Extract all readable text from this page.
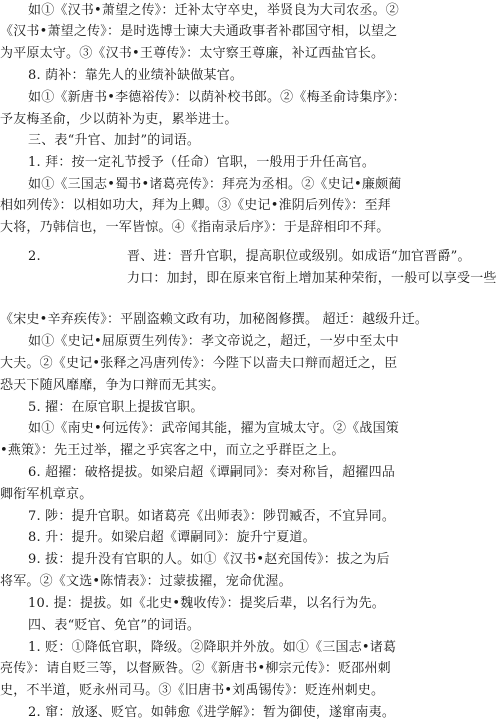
如①《汉书•萧望之传》：迁补太守卒史，举贤良为大司农丞。②
《汉书•萧望之传》：是时选博士谏大夫通政事者补郡国守相，以望之
为平原太守。③《汉书•王尊传》：太守察王尊廉，补辽西盐官长。
8. 荫补：靠先人的业绩补缺做某官。
如①《新唐书•李德裕传》：以荫补校书郎。②《梅圣俞诗集序》：
予友梅圣俞，少以荫补为吏，累举进士。
三、表“升官、加封”的词语。
1. 拜：按一定礼节授予（任命）官职，一般用于升任高官。
如①《三国志•蜀书•诸葛亮传》：拜亮为丞相。②《史记•廉颇蔺
相如列传》：以相如功大，拜为上卿。③《史记•淮阴后列传》：至拜
大将，乃韩信也，一军皆惊。④《指南录后序》：于是辞相印不拜。
2.	晋、进：晋升官职，提高职位或级别。如成语“加官晋爵”。
力口：加封，即在原来官衔上增加某种荣衔，一般可以享受一些
《宋史•辛弃疾传》：平剧盗赖文政有功，加秘阁修撰。 超迁：越级升迁。
如①《史记•屈原贾生列传》：孝文帝说之，超迁，一岁中至太中
大夫。②《史记•张释之冯唐列传》：今陛下以啬夫口辩而超迁之，臣
恐天下随风靡靡，争为口辩而无其实。
5. 擢：在原官职上提拔官职。
如①《南史•何远传》：武帝闻其能，擢为宣城太守。②《战国策
•燕策》：先王过举，擢之乎宾客之中，而立之乎群臣之上。
6. 超擢：破格提拔。如梁启超《谭嗣同》：奏对称旨，超擢四品
卿衔军机章京。
7. 陟：提升官职。如诸葛亮《出师表》：陟罚臧否，不宜异同。
8. 升：提升。如梁启超《谭嗣同》：旋升宁夏道。
9. 拔：提升没有官职的人。如①《汉书•赵充国传》：拔之为后
将军。②《文选•陈情表》：过蒙拔擢，宠命优渥。
10. 提：提拔。如《北史•魏收传》：提奖后辈，以名行为先。
四、表“贬官、免官”的词语。
1. 贬：①降低官职，降级。②降职并外放。如①《三国志•诸葛
亮传》：请自贬三等，以督厥咎。②《新唐书•柳宗元传》：贬邵州刺
史，不半道，贬永州司马。③《旧唐书•刘禹锡传》：贬连州刺史。
2. 窜：放逐、贬官。如韩愈《进学解》：暂为御使，遂窜南夷。
